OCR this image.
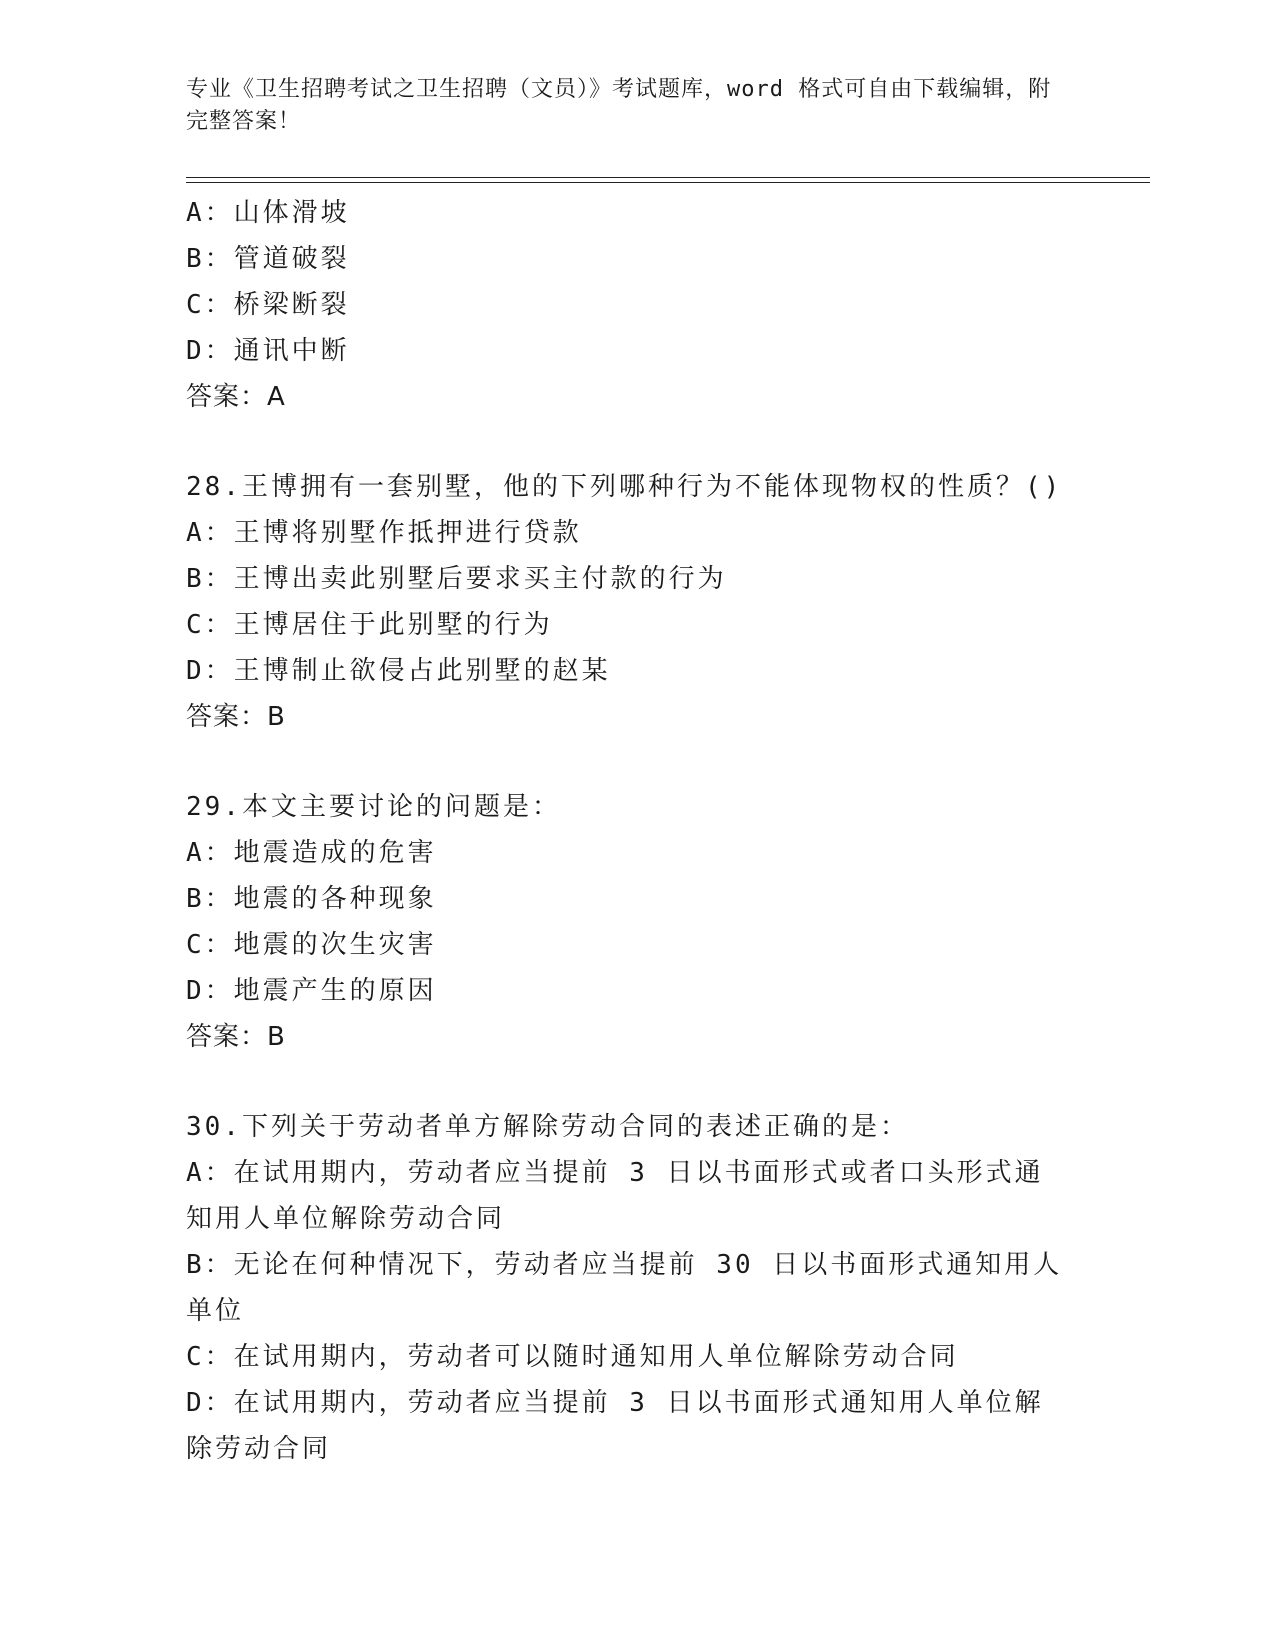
专业《卫生招聘考试之卫生招聘（文员）》考试题库，word 格式可自由下载编辑，附完整答案！
A：山体滑坡
B：管道破裂
C：桥梁断裂
D：通讯中断
答案：A
28.王博拥有一套别墅，他的下列哪种行为不能体现物权的性质？()
A：王博将别墅作抵押进行贷款
B：王博出卖此别墅后要求买主付款的行为
C：王博居住于此别墅的行为
D：王博制止欲侵占此别墅的赵某
答案：B
29.本文主要讨论的问题是：
A：地震造成的危害
B：地震的各种现象
C：地震的次生灾害
D：地震产生的原因
答案：B
30.下列关于劳动者单方解除劳动合同的表述正确的是：
A：在试用期内，劳动者应当提前 3 日以书面形式或者口头形式通知用人单位解除劳动合同
B：无论在何种情况下，劳动者应当提前 30 日以书面形式通知用人单位
C：在试用期内，劳动者可以随时通知用人单位解除劳动合同
D：在试用期内，劳动者应当提前 3 日以书面形式通知用人单位解除劳动合同
